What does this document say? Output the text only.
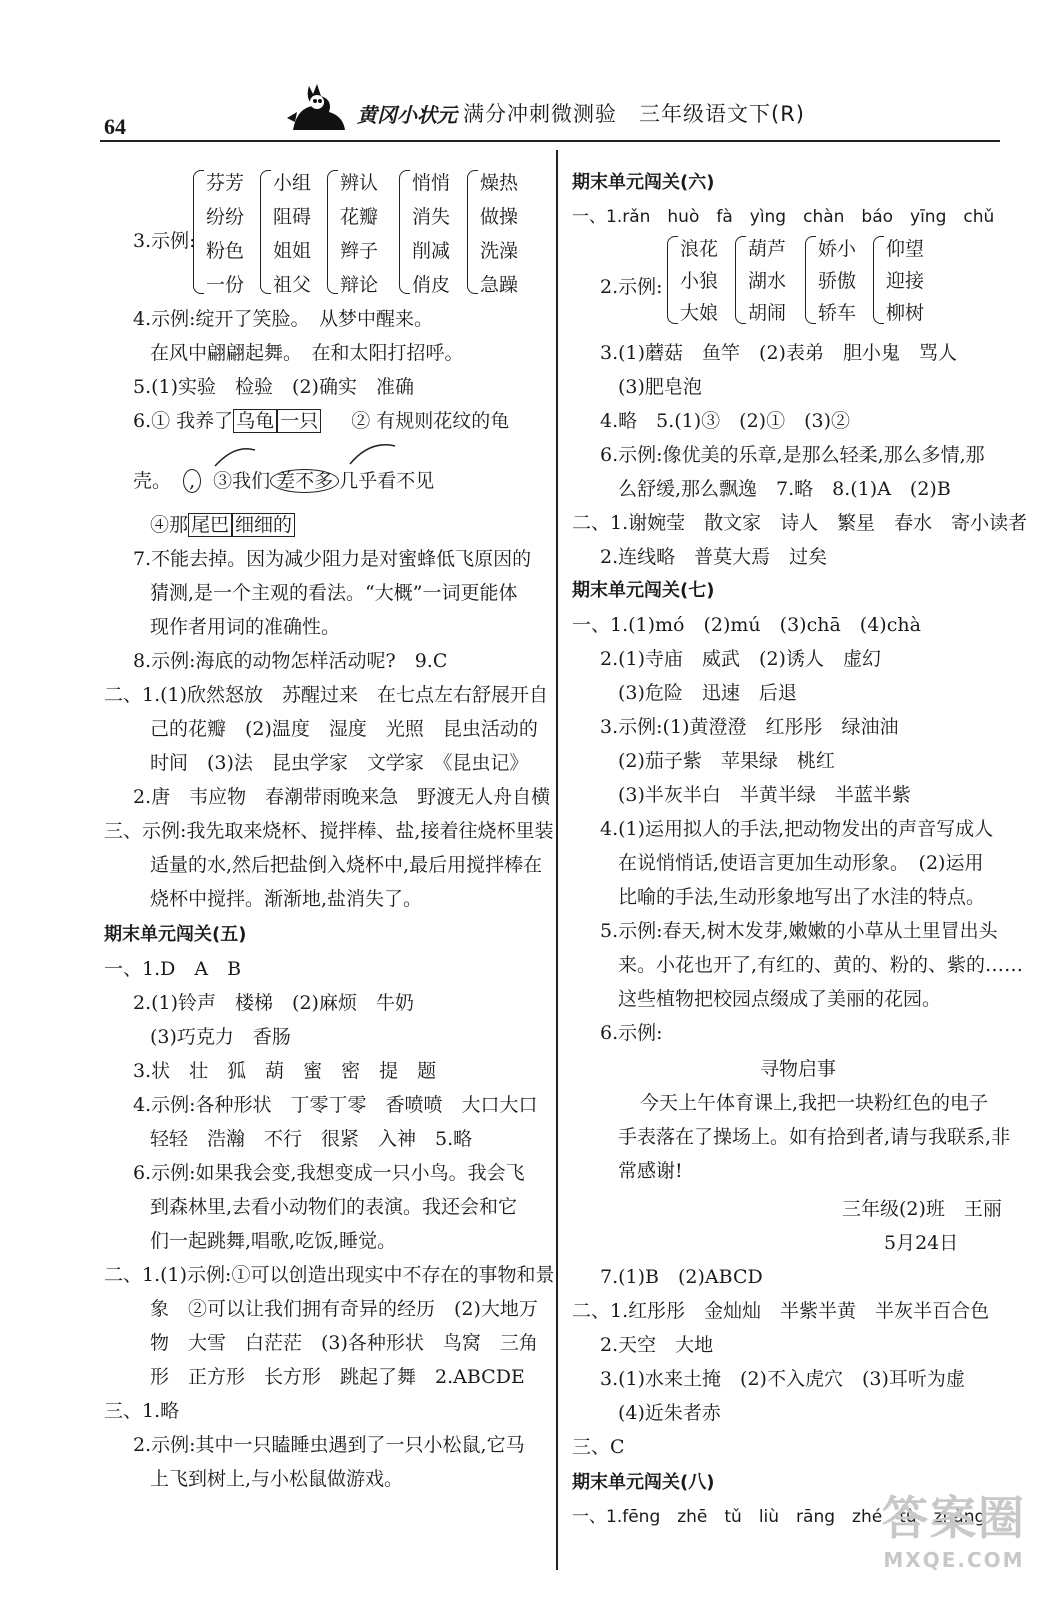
64	黄冈小状元 满分冲刺微测验　三年级语文下(R)
3.示例:
芬芳
纷纷
粉色
一份
小组
阻碍
姐姐
祖父
辨认
花瓣
辫子
辩论
悄悄
消失
削减
俏皮
燥热
做操
洗澡
急躁
4.示例:绽开了笑脸。　从梦中醒来。
在风中翩翩起舞。　在和太阳打招呼。
5.(1)实验　检验　(2)确实　准确
6.① 我养了 乌龟 一只 ② 有规则花纹的龟
壳。 , ③我们 差不多 几乎看不见
④那 尾巴 细细的
7.不能去掉。因为减少阻力是对蜜蜂低飞原因的
猜测,是一个主观的看法。“大概”一词更能体
现作者用词的准确性。
8.示例:海底的动物怎样活动呢?　9.C
二、1.(1)欣然怒放　苏醒过来　在七点左右舒展开自
己的花瓣　(2)温度　湿度　光照　昆虫活动的
时间　(3)法　昆虫学家　文学家　《昆虫记》
2.唐　韦应物　春潮带雨晚来急　野渡无人舟自横
三、示例:我先取来烧杯、搅拌棒、盐,接着往烧杯里装
适量的水,然后把盐倒入烧杯中,最后用搅拌棒在
烧杯中搅拌。渐渐地,盐消失了。
期末单元闯关(五)
一、1.D　A　B
2.(1)铃声　楼梯　(2)麻烦　牛奶
(3)巧克力　香肠
3.状　壮　狐　葫　蜜　密　提　题
4.示例:各种形状　丁零丁零　香喷喷　大口大口
轻轻　浩瀚　不行　很紧　入神　5.略
6.示例:如果我会变,我想变成一只小鸟。我会飞
到森林里,去看小动物们的表演。我还会和它
们一起跳舞,唱歌,吃饭,睡觉。
二、1.(1)示例:①可以创造出现实中不存在的事物和景
象　②可以让我们拥有奇异的经历　(2)大地万
物　大雪　白茫茫　(3)各种形状　鸟窝　三角
形　正方形　长方形　跳起了舞　2.ABCDE
三、1.略
2.示例:其中一只瞌睡虫遇到了一只小松鼠,它马
上飞到树上,与小松鼠做游戏。
期末单元闯关(六)
一、1.rǎn　huò　fà　yìng　chàn　báo　yīng　chǔ
2.示例:
浪花
小狼
大娘
葫芦
湖水
胡闹
娇小
骄傲
轿车
仰望
迎接
柳树
3.(1)蘑菇　鱼竿　(2)表弟　胆小鬼　骂人
(3)肥皂泡
4.略　5.(1)③　(2)①　(3)②
6.示例:像优美的乐章,是那么轻柔,那么多情,那
么舒缓,那么飘逸　7.略　8.(1)A　(2)B
二、1.谢婉莹　散文家　诗人　繁星　春水　寄小读者
2.连线略　普莫大焉　过矣
期末单元闯关(七)
一、1.(1)mó　(2)mú　(3)chā　(4)chà
2.(1)寺庙　威武　(2)诱人　虚幻
(3)危险　迅速　后退
3.示例:(1)黄澄澄　红彤彤　绿油油
(2)茄子紫　苹果绿　桃红
(3)半灰半白　半黄半绿　半蓝半紫
4.(1)运用拟人的手法,把动物发出的声音写成人
在说悄悄话,使语言更加生动形象。　(2)运用
比喻的手法,生动形象地写出了水洼的特点。
5.示例:春天,树木发芽,嫩嫩的小草从土里冒出头
来。小花也开了,有红的、黄的、粉的、紫的……
这些植物把校园点缀成了美丽的花园。
6.示例:
寻物启事
今天上午体育课上,我把一块粉红色的电子
手表落在了操场上。如有拾到者,请与我联系,非
常感谢!
三年级(2)班　王丽
5月24日
7.(1)B　(2)ABCD
二、1.红彤彤　金灿灿　半紫半黄　半灰半百合色
2.天空　大地
3.(1)水来土掩　(2)不入虎穴　(3)耳听为虚
(4)近朱者赤
三、C
期末单元闯关(八)
一、1.fēng　zhē　tǔ　liù　rāng　zhé　tù　zhàng
答案圈
MXQE.COM
